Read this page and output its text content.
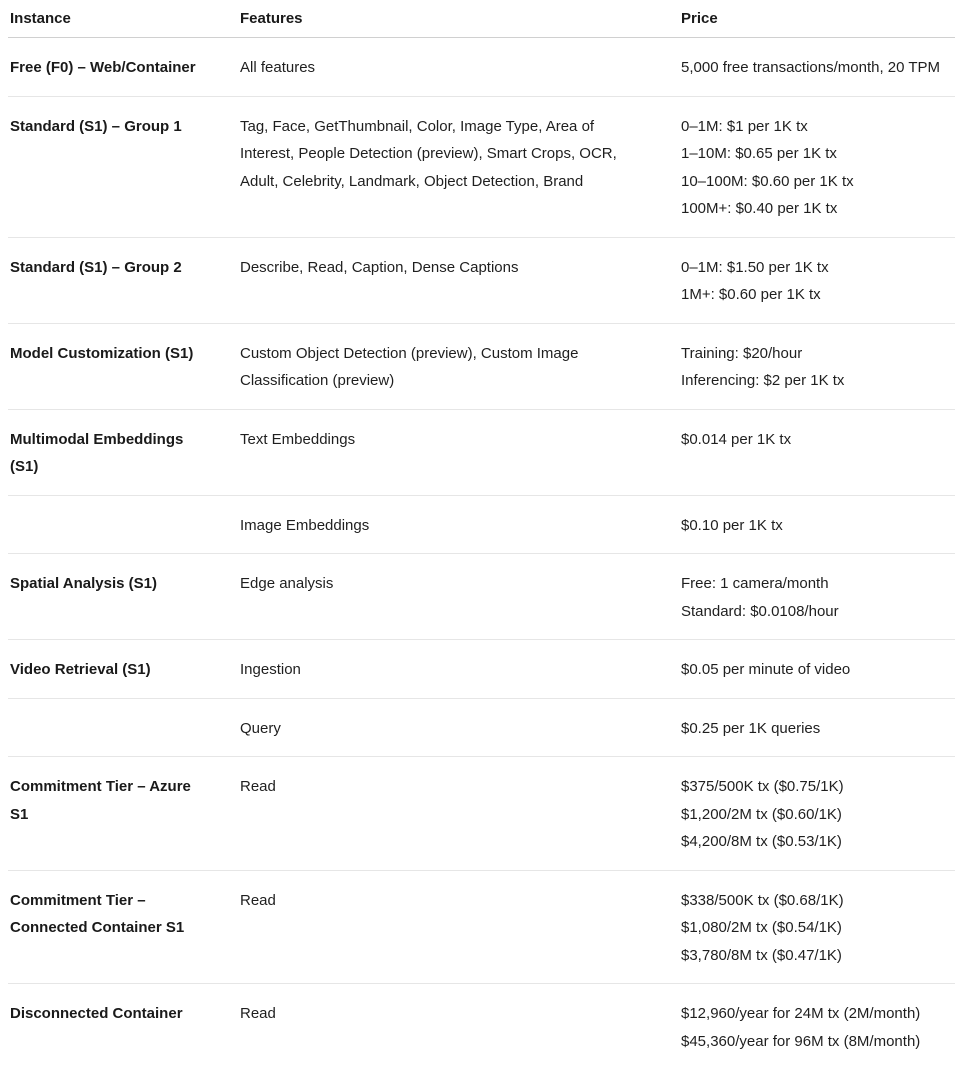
Instance	Features	Price

Free (F0) – Web/Container	All features	5,000 free transactions/month, 20 TPM

Standard (S1) – Group 1	Tag, Face, GetThumbnail, Color, Image Type, Area of
Interest, People Detection (preview), Smart Crops, OCR,
Adult, Celebrity, Landmark, Object Detection, Brand	0–1M: $1 per 1K tx
1–10M: $0.65 per 1K tx
10–100M: $0.60 per 1K tx
100M+: $0.40 per 1K tx

Standard (S1) – Group 2	Describe, Read, Caption, Dense Captions	0–1M: $1.50 per 1K tx
1M+: $0.60 per 1K tx

Model Customization (S1)	Custom Object Detection (preview), Custom Image
Classification (preview)	Training: $20/hour
Inferencing: $2 per 1K tx

Multimodal Embeddings
(S1)	Text Embeddings	$0.014 per 1K tx

	Image Embeddings	$0.10 per 1K tx

Spatial Analysis (S1)	Edge analysis	Free: 1 camera/month
Standard: $0.0108/hour

Video Retrieval (S1)	Ingestion	$0.05 per minute of video

	Query	$0.25 per 1K queries

Commitment Tier – Azure
S1	Read	$375/500K tx ($0.75/1K)
$1,200/2M tx ($0.60/1K)
$4,200/8M tx ($0.53/1K)

Commitment Tier –
Connected Container S1	Read	$338/500K tx ($0.68/1K)
$1,080/2M tx ($0.54/1K)
$3,780/8M tx ($0.47/1K)

Disconnected Container	Read	$12,960/year for 24M tx (2M/month)
$45,360/year for 96M tx (8M/month)
